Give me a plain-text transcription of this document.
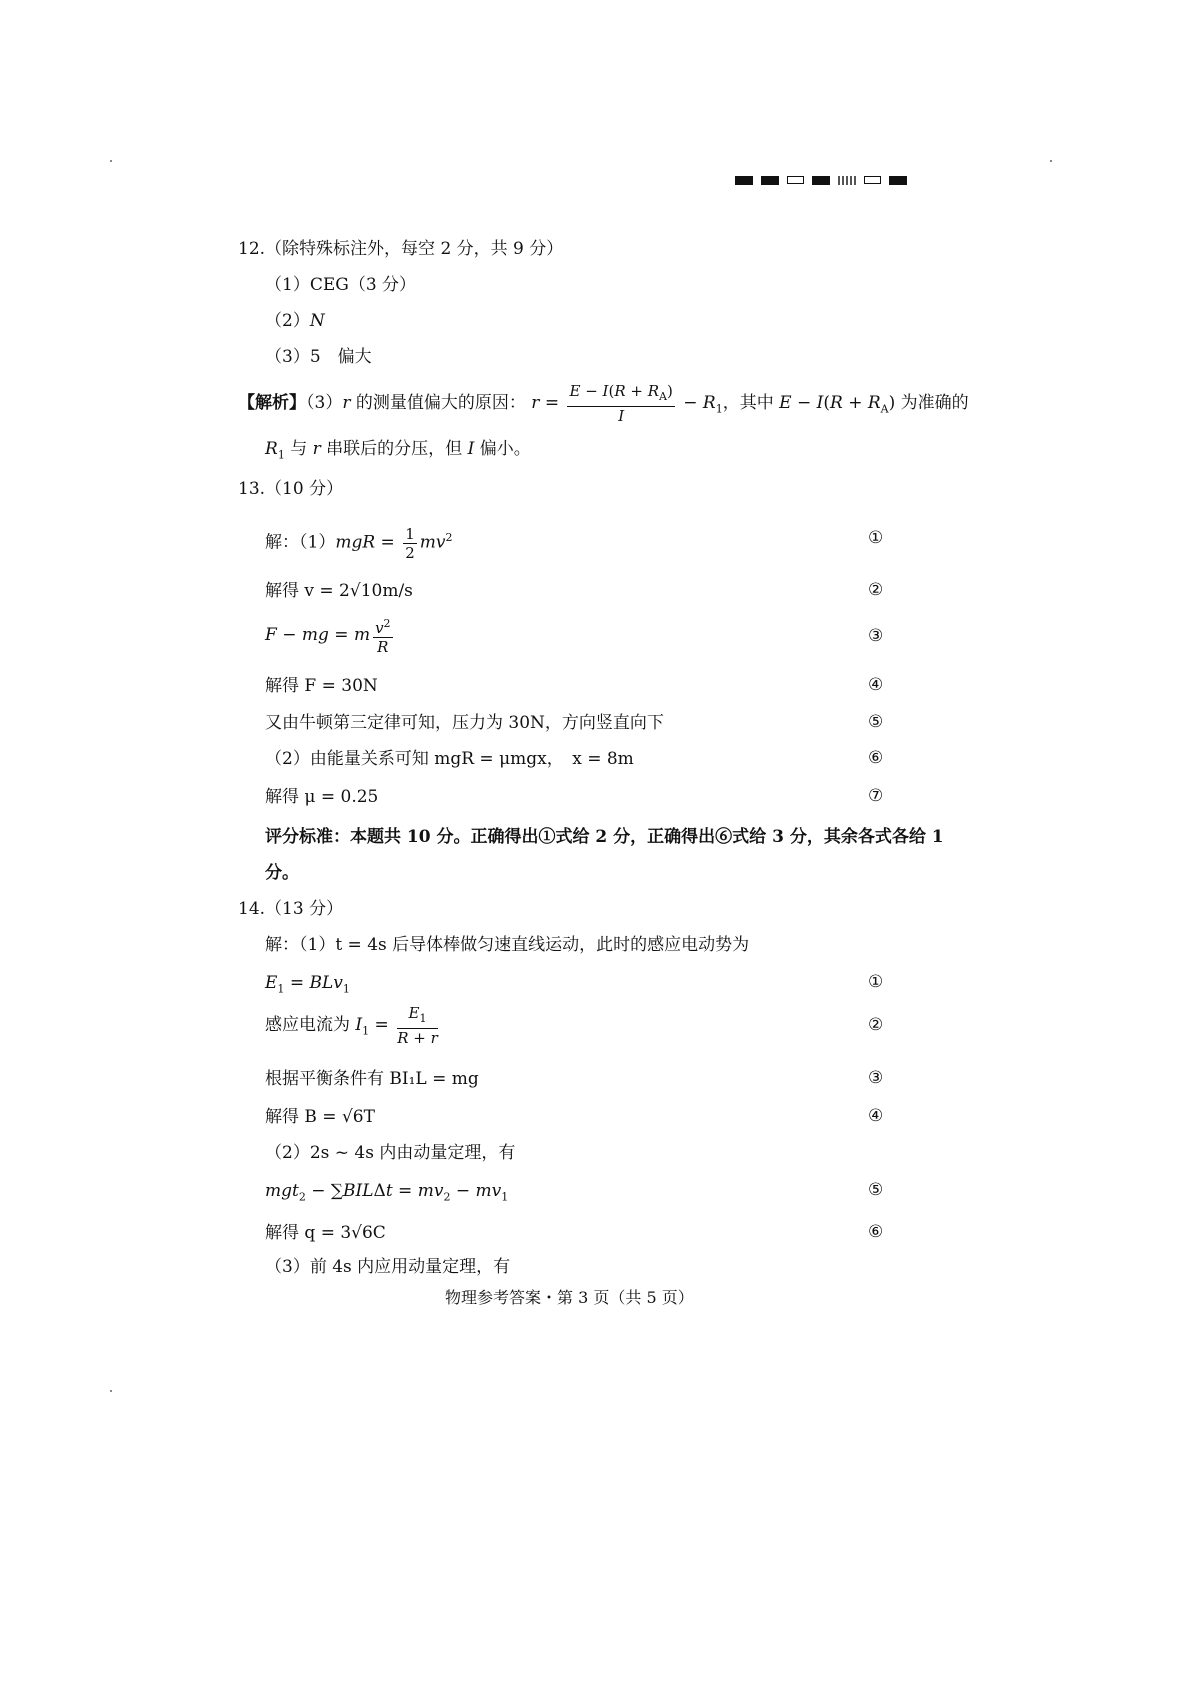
12.（除特殊标注外，每空 2 分，共 9 分）
（1）CEG（3 分）
（2）N
（3）5　偏大
【解析】（3）r 的测量值偏大的原因： $r = \frac{E - I(R + R_A)}{I} - R_1$，其中 $E - I(R + R_A)$ 为准确的
$R_1$ 与 r 串联后的分压，但 I 偏小。
13.（10 分）
解：$(1)mgR = \frac{1}{2} mv^2$	①
解得 v = 2√10m/s	②
F − mg = m $\frac{v^2}{R}$	③
解得 F = 30N	④
又由牛顿第三定律可知，压力为 30N，方向竖直向下	⑤
（2）由能量关系可知 mgR = μmgx，　x = 8m	⑥
解得 μ = 0.25	⑦
评分标准：本题共 10 分。正确得出①式给 2 分，正确得出⑥式给 3 分，其余各式各给 1
分。
14.（13 分）
解：（1）t = 4s 后导体棒做匀速直线运动，此时的感应电动势为
$E_1 = BLv_1$	①
感应电流为 $I_1 = \frac{E_1}{R + r}$	②
根据平衡条件有 BI₁L = mg	③
解得 B = √6T	④
（2）2s ~ 4s 内由动量定理，有
$mgt_2 - \sum BIL\Delta t = mv_2 - mv_1$	⑤
解得 q = 3√6C	⑥
（3）前 4s 内应用动量定理，有
物理参考答案・第 3 页（共 5 页）
